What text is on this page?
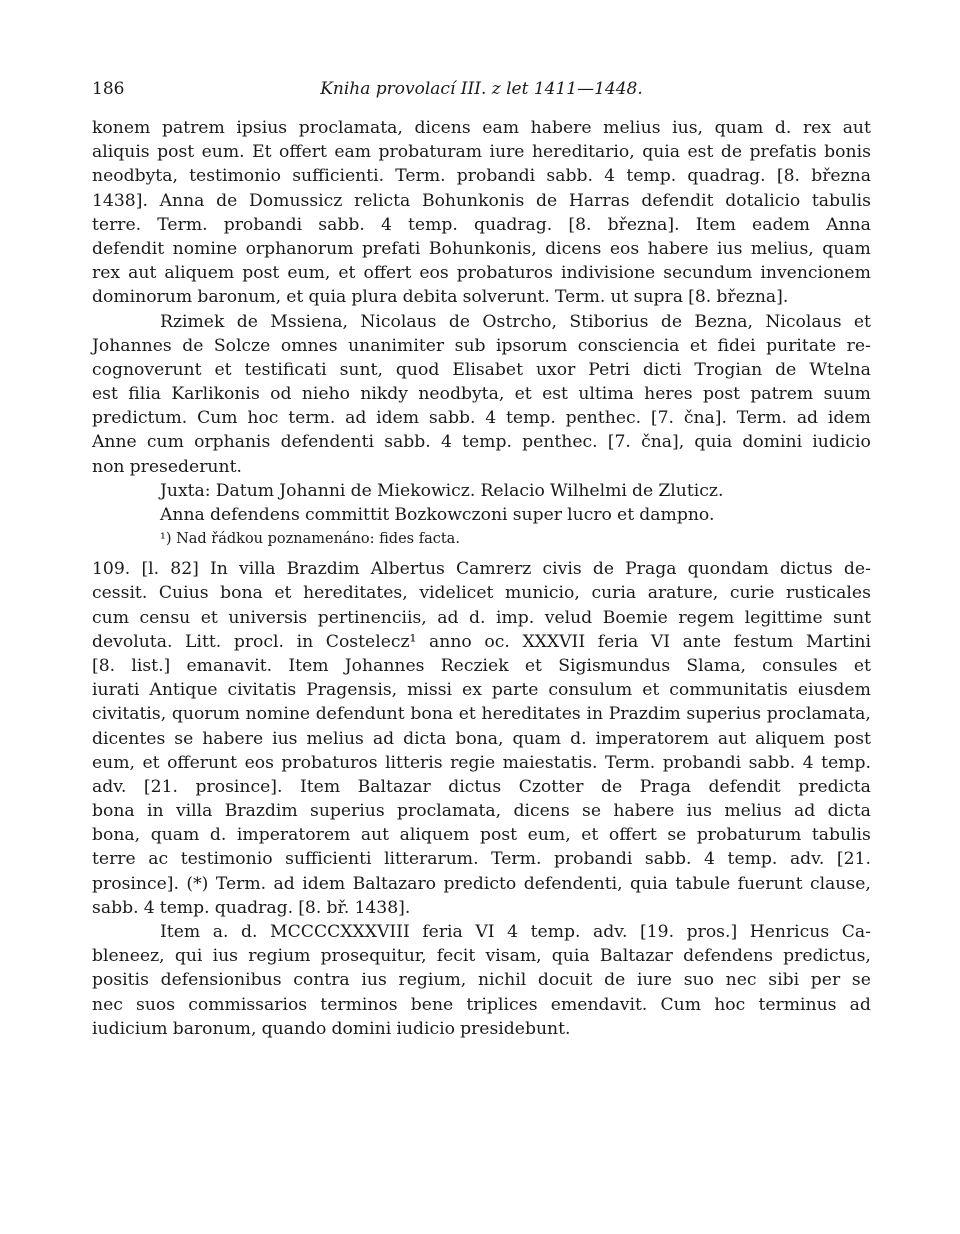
186	Kniha provolací III. z let 1411—1448.
konem patrem ipsius proclamata, dicens eam habere melius ius, quam d. rex aut
aliquis post eum. Et offert eam probaturam iure hereditario, quia est de prefatis bonis
neodbyta, testimonio sufficienti. Term. probandi sabb. 4 temp. quadrag. [8. března
1438]. Anna de Domussicz relicta Bohunkonis de Harras defendit dotalicio tabulis
terre. Term. probandi sabb. 4 temp. quadrag. [8. března]. Item eadem Anna
defendit nomine orphanorum prefati Bohunkonis, dicens eos habere ius melius, quam
rex aut aliquem post eum, et offert eos probaturos indivisione secundum invencionem
dominorum baronum, et quia plura debita solverunt. Term. ut supra [8. března].
Rzimek de Mssiena, Nicolaus de Ostrcho, Stiborius de Bezna, Nicolaus et
Johannes de Solcze omnes unanimiter sub ipsorum consciencia et fidei puritate re-
cognoverunt et testificati sunt, quod Elisabet uxor Petri dicti Trogian de Wtelna
est filia Karlikonis od nieho nikdy neodbyta, et est ultima heres post patrem suum
predictum. Cum hoc term. ad idem sabb. 4 temp. penthec. [7. čna]. Term. ad idem
Anne cum orphanis defendenti sabb. 4 temp. penthec. [7. čna], quia domini iudicio
non presederunt.
Juxta: Datum Johanni de Miekowicz. Relacio Wilhelmi de Zluticz.
Anna defendens committit Bozkowczoni super lucro et dampno.
¹) Nad řádkou poznamenáno: fides facta.
109. [l. 82] In villa Brazdim Albertus Camrerz civis de Praga quondam dictus de-
cessit. Cuius bona et hereditates, videlicet municio, curia arature, curie rusticales
cum censu et universis pertinenciis, ad d. imp. velud Boemie regem legittime sunt
devoluta. Litt. procl. in Costelecz¹ anno oc. XXXVII feria VI ante festum Martini
[8. list.] emanavit. Item Johannes Recziek et Sigismundus Slama, consules et
iurati Antique civitatis Pragensis, missi ex parte consulum et communitatis eiusdem
civitatis, quorum nomine defendunt bona et hereditates in Prazdim superius proclamata,
dicentes se habere ius melius ad dicta bona, quam d. imperatorem aut aliquem post
eum, et offerunt eos probaturos litteris regie maiestatis. Term. probandi sabb. 4 temp.
adv. [21. prosince]. Item Baltazar dictus Czotter de Praga defendit predicta
bona in villa Brazdim superius proclamata, dicens se habere ius melius ad dicta
bona, quam d. imperatorem aut aliquem post eum, et offert se probaturum tabulis
terre ac testimonio sufficienti litterarum. Term. probandi sabb. 4 temp. adv. [21.
prosince]. (*) Term. ad idem Baltazaro predicto defendenti, quia tabule fuerunt clause,
sabb. 4 temp. quadrag. [8. bř. 1438].
Item a. d. MCCCCXXXVIII feria VI 4 temp. adv. [19. pros.] Henricus Ca-
bleneez, qui ius regium prosequitur, fecit visam, quia Baltazar defendens predictus,
positis defensionibus contra ius regium, nichil docuit de iure suo nec sibi per se
nec suos commissarios terminos bene triplices emendavit. Cum hoc terminus ad
iudicium baronum, quando domini iudicio presidebunt.
